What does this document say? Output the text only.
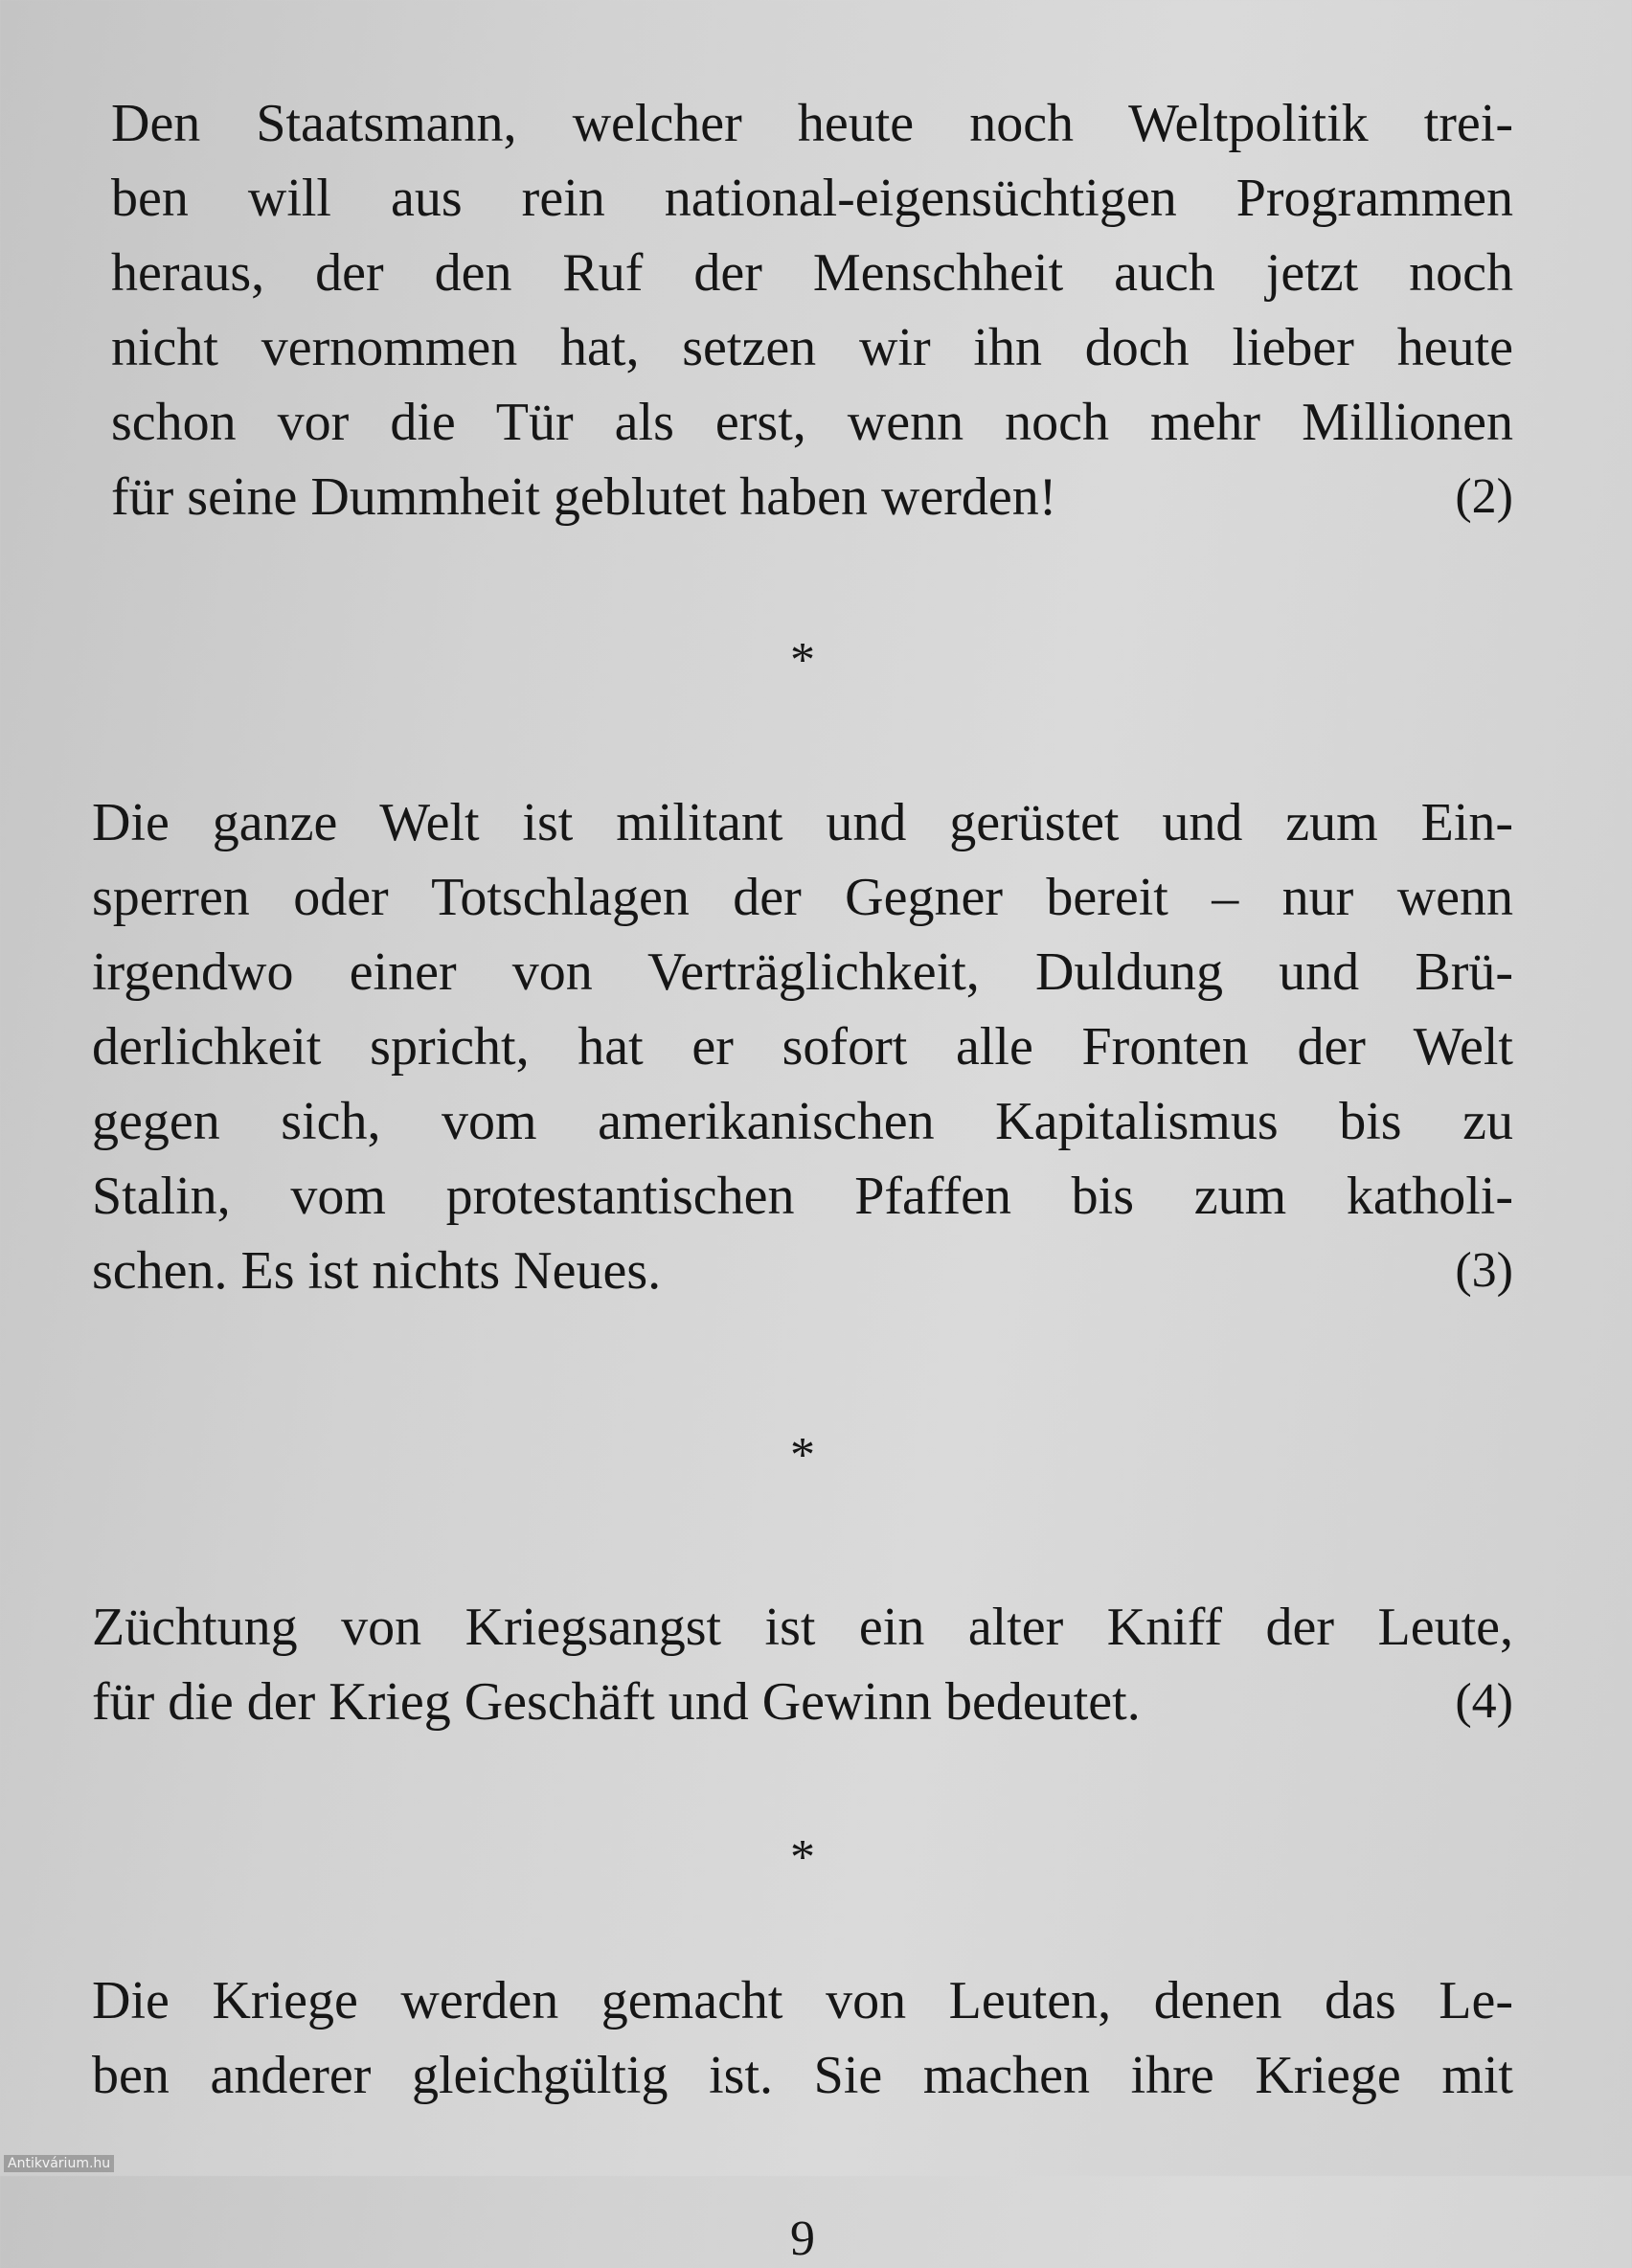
Den Staatsmann, welcher heute noch Weltpolitik trei-
ben will aus rein national-eigensüchtigen Programmen
heraus, der den Ruf der Menschheit auch jetzt noch
nicht vernommen hat, setzen wir ihn doch lieber heute
schon vor die Tür als erst, wenn noch mehr Millionen
für seine Dummheit geblutet haben werden!	(2)
*
Die ganze Welt ist militant und gerüstet und zum Ein-
sperren oder Totschlagen der Gegner bereit – nur wenn
irgendwo einer von Verträglichkeit, Duldung und Brü-
derlichkeit spricht, hat er sofort alle Fronten der Welt
gegen sich, vom amerikanischen Kapitalismus bis zu
Stalin, vom protestantischen Pfaffen bis zum katholi-
schen. Es ist nichts Neues.	(3)
*
Züchtung von Kriegsangst ist ein alter Kniff der Leute,
für die der Krieg Geschäft und Gewinn bedeutet.	(4)
*
Die Kriege werden gemacht von Leuten, denen das Le-
ben anderer gleichgültig ist. Sie machen ihre Kriege mit
9
Antikvárium.hu
